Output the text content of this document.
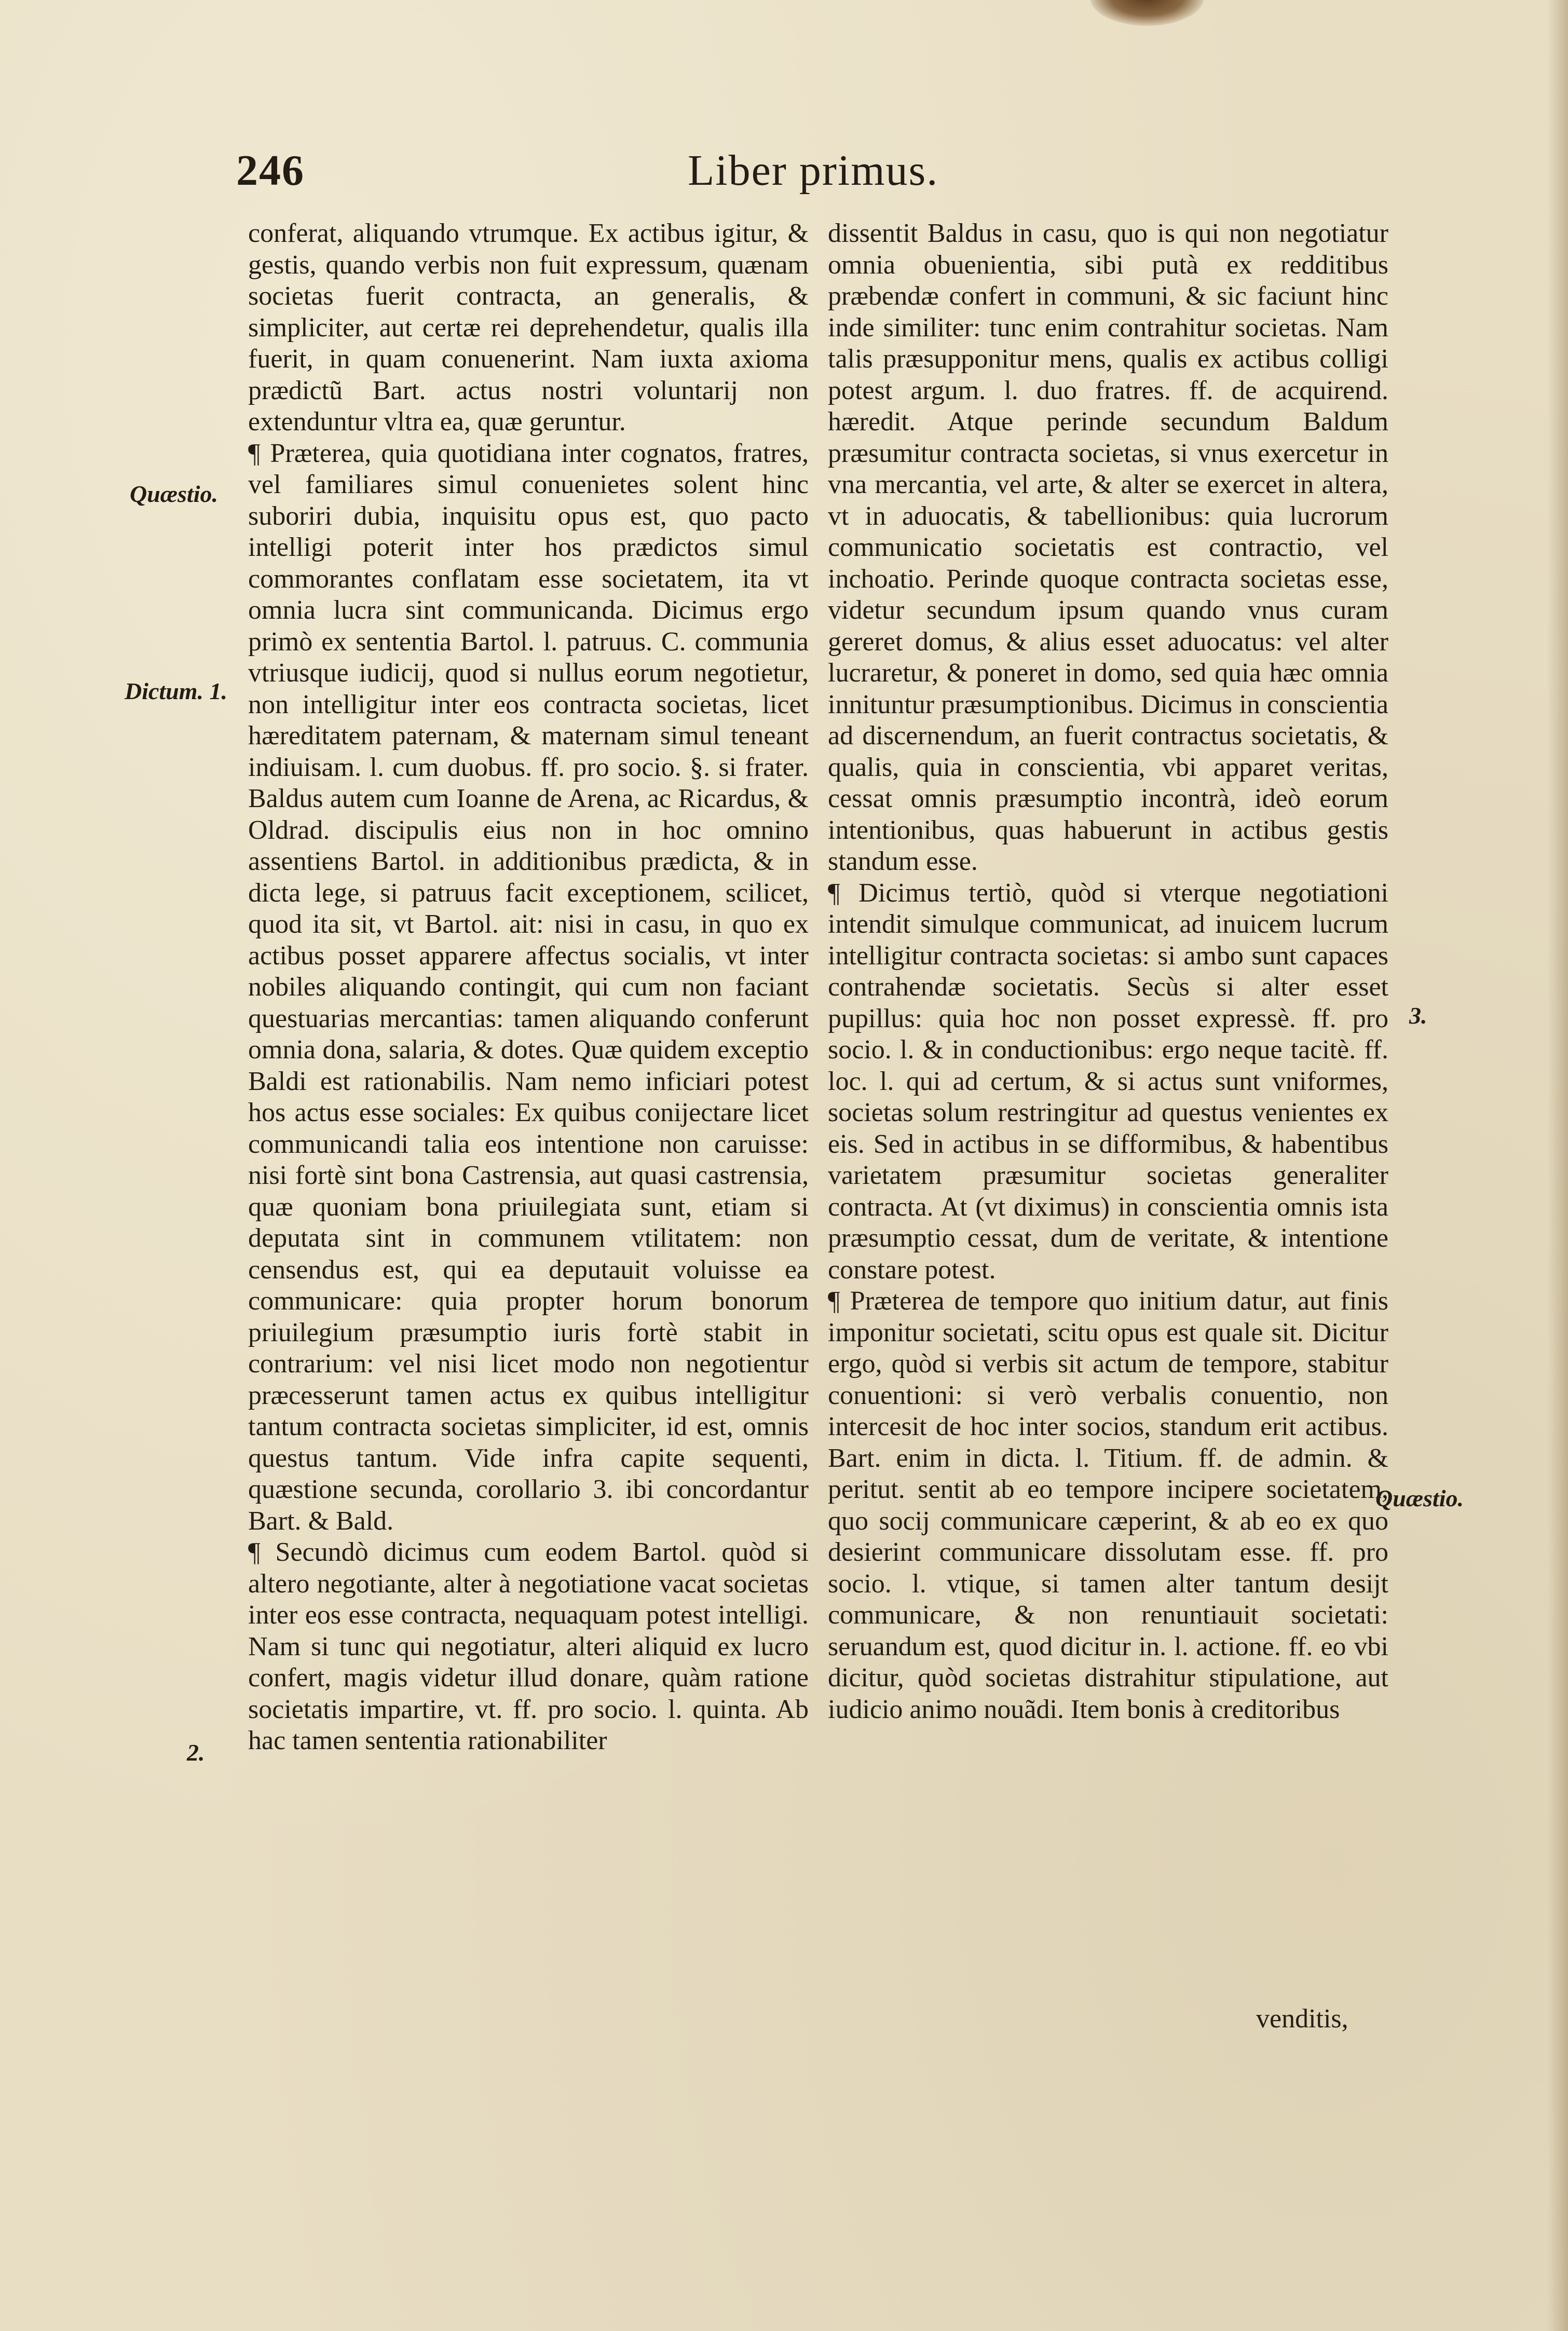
246	Liber primus.

conferat, aliquando vtrumque. Ex actibus igitur, & gestis, quando verbis non fuit expressum, quænam societas fuerit contracta, an generalis, & simpliciter, aut certæ rei deprehendetur, qualis illa fuerit, in quam conuenerint. Nam iuxta axioma prædictũ Bart. actus nostri voluntarij non extenduntur vltra ea, quæ geruntur.

¶ Præterea, quia quotidiana inter cognatos, fratres, vel familiares simul conuenietes solent hinc suboriri dubia, inquisitu opus est, quo pacto intelligi poterit inter hos prædictos simul commorantes conflatam esse societatem, ita vt omnia lucra sint communicanda. Dicimus ergo primò ex sententia Bartol. l. patruus. C. communia vtriusque iudicij, quod si nullus eorum negotietur, non intelligitur inter eos contracta societas, licet hæreditatem paternam, & maternam simul teneant indiuisam. l. cum duobus. ff. pro socio. §. si frater. Baldus autem cum Ioanne de Arena, ac Ricardus, & Oldrad. discipulis eius non in hoc omnino assentiens Bartol. in additionibus prædicta, & in dicta lege, si patruus facit exceptionem, scilicet, quod ita sit, vt Bartol. ait: nisi in casu, in quo ex actibus posset apparere affectus socialis, vt inter nobiles aliquando contingit, qui cum non faciant questuarias mercantias: tamen aliquando conferunt omnia dona, salaria, & dotes. Quæ quidem exceptio Baldi est rationabilis. Nam nemo inficiari potest hos actus esse sociales: Ex quibus conijectare licet communicandi talia eos intentione non caruisse: nisi fortè sint bona Castrensia, aut quasi castrensia, quæ quoniam bona priuilegiata sunt, etiam si deputata sint in communem vtilitatem: non censendus est, qui ea deputauit voluisse ea communicare: quia propter horum bonorum priuilegium præsumptio iuris fortè stabit in contrarium: vel nisi licet modo non negotientur præcesserunt tamen actus ex quibus intelligitur tantum contracta societas simpliciter, id est, omnis questus tantum. Vide infra capite sequenti, quæstione secunda, corollario 3. ibi concordantur Bart. & Bald.

¶ Secundò dicimus cum eodem Bartol. quòd si altero negotiante, alter à negotiatione vacat societas inter eos esse contracta, nequaquam potest intelligi. Nam si tunc qui negotiatur, alteri aliquid ex lucro confert, magis videtur illud donare, quàm ratione societatis impartire, vt. ff. pro socio. l. quinta. Ab hac tamen sententia rationabiliter

dissentit Baldus in casu, quo is qui non negotiatur omnia obuenientia, sibi putà ex redditibus præbendæ confert in communi, & sic faciunt hinc inde similiter: tunc enim contrahitur societas. Nam talis præsupponitur mens, qualis ex actibus colligi potest argum. l. duo fratres. ff. de acquirend. hæredit. Atque perinde secundum Baldum præsumitur contracta societas, si vnus exercetur in vna mercantia, vel arte, & alter se exercet in altera, vt in aduocatis, & tabellionibus: quia lucrorum communicatio societatis est contractio, vel inchoatio. Perinde quoque contracta societas esse, videtur secundum ipsum quando vnus curam gereret domus, & alius esset aduocatus: vel alter lucraretur, & poneret in domo, sed quia hæc omnia innituntur præsumptionibus. Dicimus in conscientia ad discernendum, an fuerit contractus societatis, & qualis, quia in conscientia, vbi apparet veritas, cessat omnis præsumptio incontrà, ideò eorum intentionibus, quas habuerunt in actibus gestis standum esse.

¶ Dicimus tertiò, quòd si vterque negotiationi intendit simulque communicat, ad inuicem lucrum intelligitur contracta societas: si ambo sunt capaces contrahendæ societatis. Secùs si alter esset pupillus: quia hoc non posset expressè. ff. pro socio. l. & in conductionibus: ergo neque tacitè. ff. loc. l. qui ad certum, & si actus sunt vniformes, societas solum restringitur ad questus venientes ex eis. Sed in actibus in se difformibus, & habentibus varietatem præsumitur societas generaliter contracta. At (vt diximus) in conscientia omnis ista præsumptio cessat, dum de veritate, & intentione constare potest.

¶ Præterea de tempore quo initium datur, aut finis imponitur societati, scitu opus est quale sit. Dicitur ergo, quòd si verbis sit actum de tempore, stabitur conuentioni: si verò verbalis conuentio, non intercesit de hoc inter socios, standum erit actibus. Bart. enim in dicta. l. Titium. ff. de admin. & peritut. sentit ab eo tempore incipere societatem, quo socij communicare cæperint, & ab eo ex quo desierint communicare dissolutam esse. ff. pro socio. l. vtique, si tamen alter tantum desijt communicare, & non renuntiauit societati: seruandum est, quod dicitur in. l. actione. ff. eo vbi dicitur, quòd societas distrahitur stipulatione, aut iudicio animo nouãdi. Item bonis à creditoribus

venditis,
Quæstio.
Dictum. 1.
2.
3.
Quæstio.
